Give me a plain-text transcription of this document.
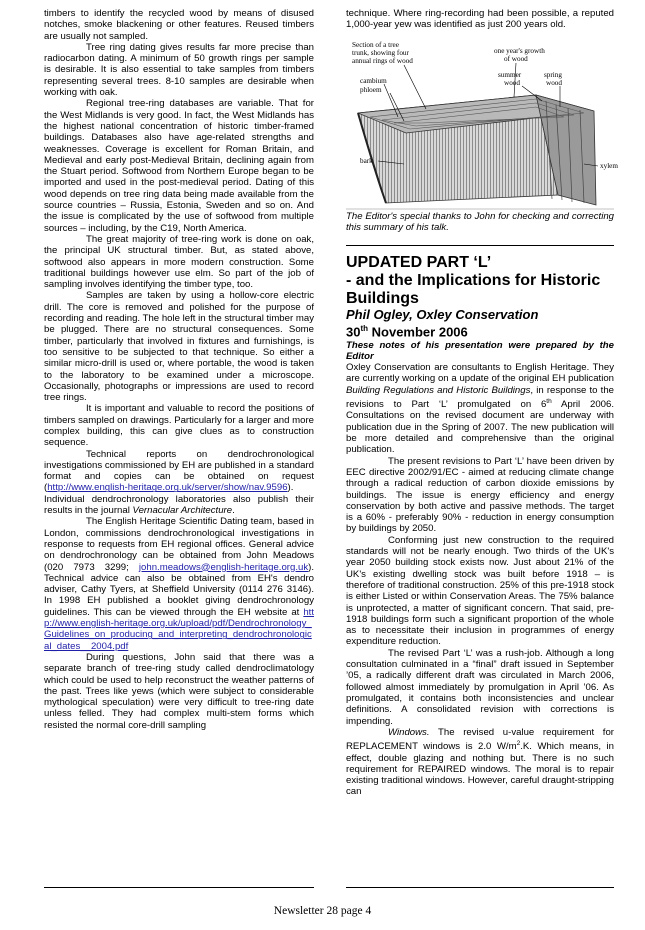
timbers to identify the recycled wood by means of disused notches, smoke blackening or other features. Reused timbers are usually not sampled.

Tree ring dating gives results far more precise than radiocarbon dating. A minimum of 50 growth rings per sample is desirable. It is also essential to take samples from timbers representing several trees. 8-10 samples are desirable when working with oak.

Regional tree-ring databases are variable. That for the West Midlands is very good. In fact, the West Midlands has the highest national concentration of historic timber-framed buildings. Databases also have age-related strengths and weaknesses. Coverage is excellent for Roman Britain, and Medieval and early post-Medieval Britain, declining again from the Stuart period. Softwood from Northern Europe began to be imported and used in the post-medieval period. Dating of this wood depends on tree ring data being made available from the source countries – Russia, Estonia, Sweden and so on. And the issue is complicated by the use of softwood from multiple sources – including, by the C19, North America.

The great majority of tree-ring work is done on oak, the principal UK structural timber. But, as stated above, softwood also appears in more modern construction. Some traditional buildings however use elm. So part of the job of sampling involves identifying the timber type, too.

Samples are taken by using a hollow-core electric drill. The core is removed and polished for the purpose of recording and reading. The hole left in the structural timber may be plugged. There are no structural consequences. Some timber, particularly that involved in fixtures and furnishings, is too sensitive to be subjected to that technique. So either a similar micro-drill is used or, where portable, the wood is taken to the laboratory to be examined under a microscope. Occasionally, photographs or impressions are used to record tree rings.

It is important and valuable to record the positions of timbers sampled on drawings. Particularly for a larger and more complex building, this can give clues as to construction sequence.

Technical reports on dendrochronological investigations commissioned by EH are published in a standard format and copies can be obtained on request (http://www.english-heritage.org.uk/server/show/nav.9596). Individual dendrochronology laboratories also publish their results in the journal Vernacular Architecture.

The English Heritage Scientific Dating team, based in London, commissions dendrochronological investigations in response to requests from EH regional offices. General advice on dendrochronology can be obtained from John Meadows (020 7973 3299; john.meadows@english-heritage.org.uk). Technical advice can also be obtained from EH's dendro adviser, Cathy Tyers, at Sheffield University (0114 276 3146). In 1998 EH published a booklet giving dendrochronology guidelines. This can be viewed through the EH website at http://www.english-heritage.org.uk/upload/pdf/Dendrochronology_Guidelines_on_producing_and_interpreting_dendrochronological_dates__2004.pdf

During questions, John said that there was a separate branch of tree-ring study called dendroclimatology which could be used to help reconstruct the weather patterns of the past. Trees like yews (which were subject to considerable mythological speculation) were very difficult to tree-ring date unless felled. They had complex multi-stem forms which resisted the normal core-drill sampling

technique. Where ring-recording had been possible, a reputed 1,000-year yew was identified as just 200 years old.

Section of a tree trunk, showing four annual rings of wood
one year's growth of wood
cambium
phloem
summer wood
spring wood
bark
xylem

The Editor's special thanks to John for checking and correcting this summary of his talk.

UPDATED PART ‘L’

- and the Implications for Historic Buildings

Phil Ogley, Oxley Conservation

30th November 2006

These notes of his presentation were prepared by the Editor

Oxley Conservation are consultants to English Heritage. They are currently working on a update of the original EH publication Building Regulations and Historic Buildings, in response to the revisions to Part ‘L’ promulgated on 6th April 2006. Consultations on the revised document are underway with publication due in the Spring of 2007. The new publication will be more detailed and comprehensive than the original publication.

The present revisions to Part ‘L’ have been driven by EEC directive 2002/91/EC - aimed at reducing climate change through a radical reduction of carbon dioxide emissions by buildings. The issue is energy efficiency and energy conservation by both active and passive methods. The target is a 60% - preferably 90% - reduction in energy consumption by buildings by 2050.

Conforming just new construction to the required standards will not be nearly enough. Two thirds of the UK's year 2050 building stock exists now. Just about 21% of the UK's existing dwelling stock was built before 1918 – is therefore of traditional construction. 25% of this pre-1918 stock is either Listed or within Conservation Areas. The 75% balance is unprotected, a matter of significant concern. That said, pre-1918 buildings form such a significant proportion of the whole as to necessitate their inclusion in programmes of energy expenditure reduction.

The revised Part ‘L’ was a rush-job. Although a long consultation culminated in a “final” draft issued in September ’05, a radically different draft was circulated in March 2006, followed almost immediately by promulgation in April ’06. As promulgated, it contains both inconsistencies and unclear definitions. A consolidated revision with corrections is impending.

Windows. The revised u-value requirement for REPLACEMENT windows is 2.0 $W/m^2.K$. Which means, in effect, double glazing and nothing but. There is no such requirement for REPAIRED windows. The moral is to repair existing traditional windows. However, careful draught-stripping can

Newsletter 28 page 4
